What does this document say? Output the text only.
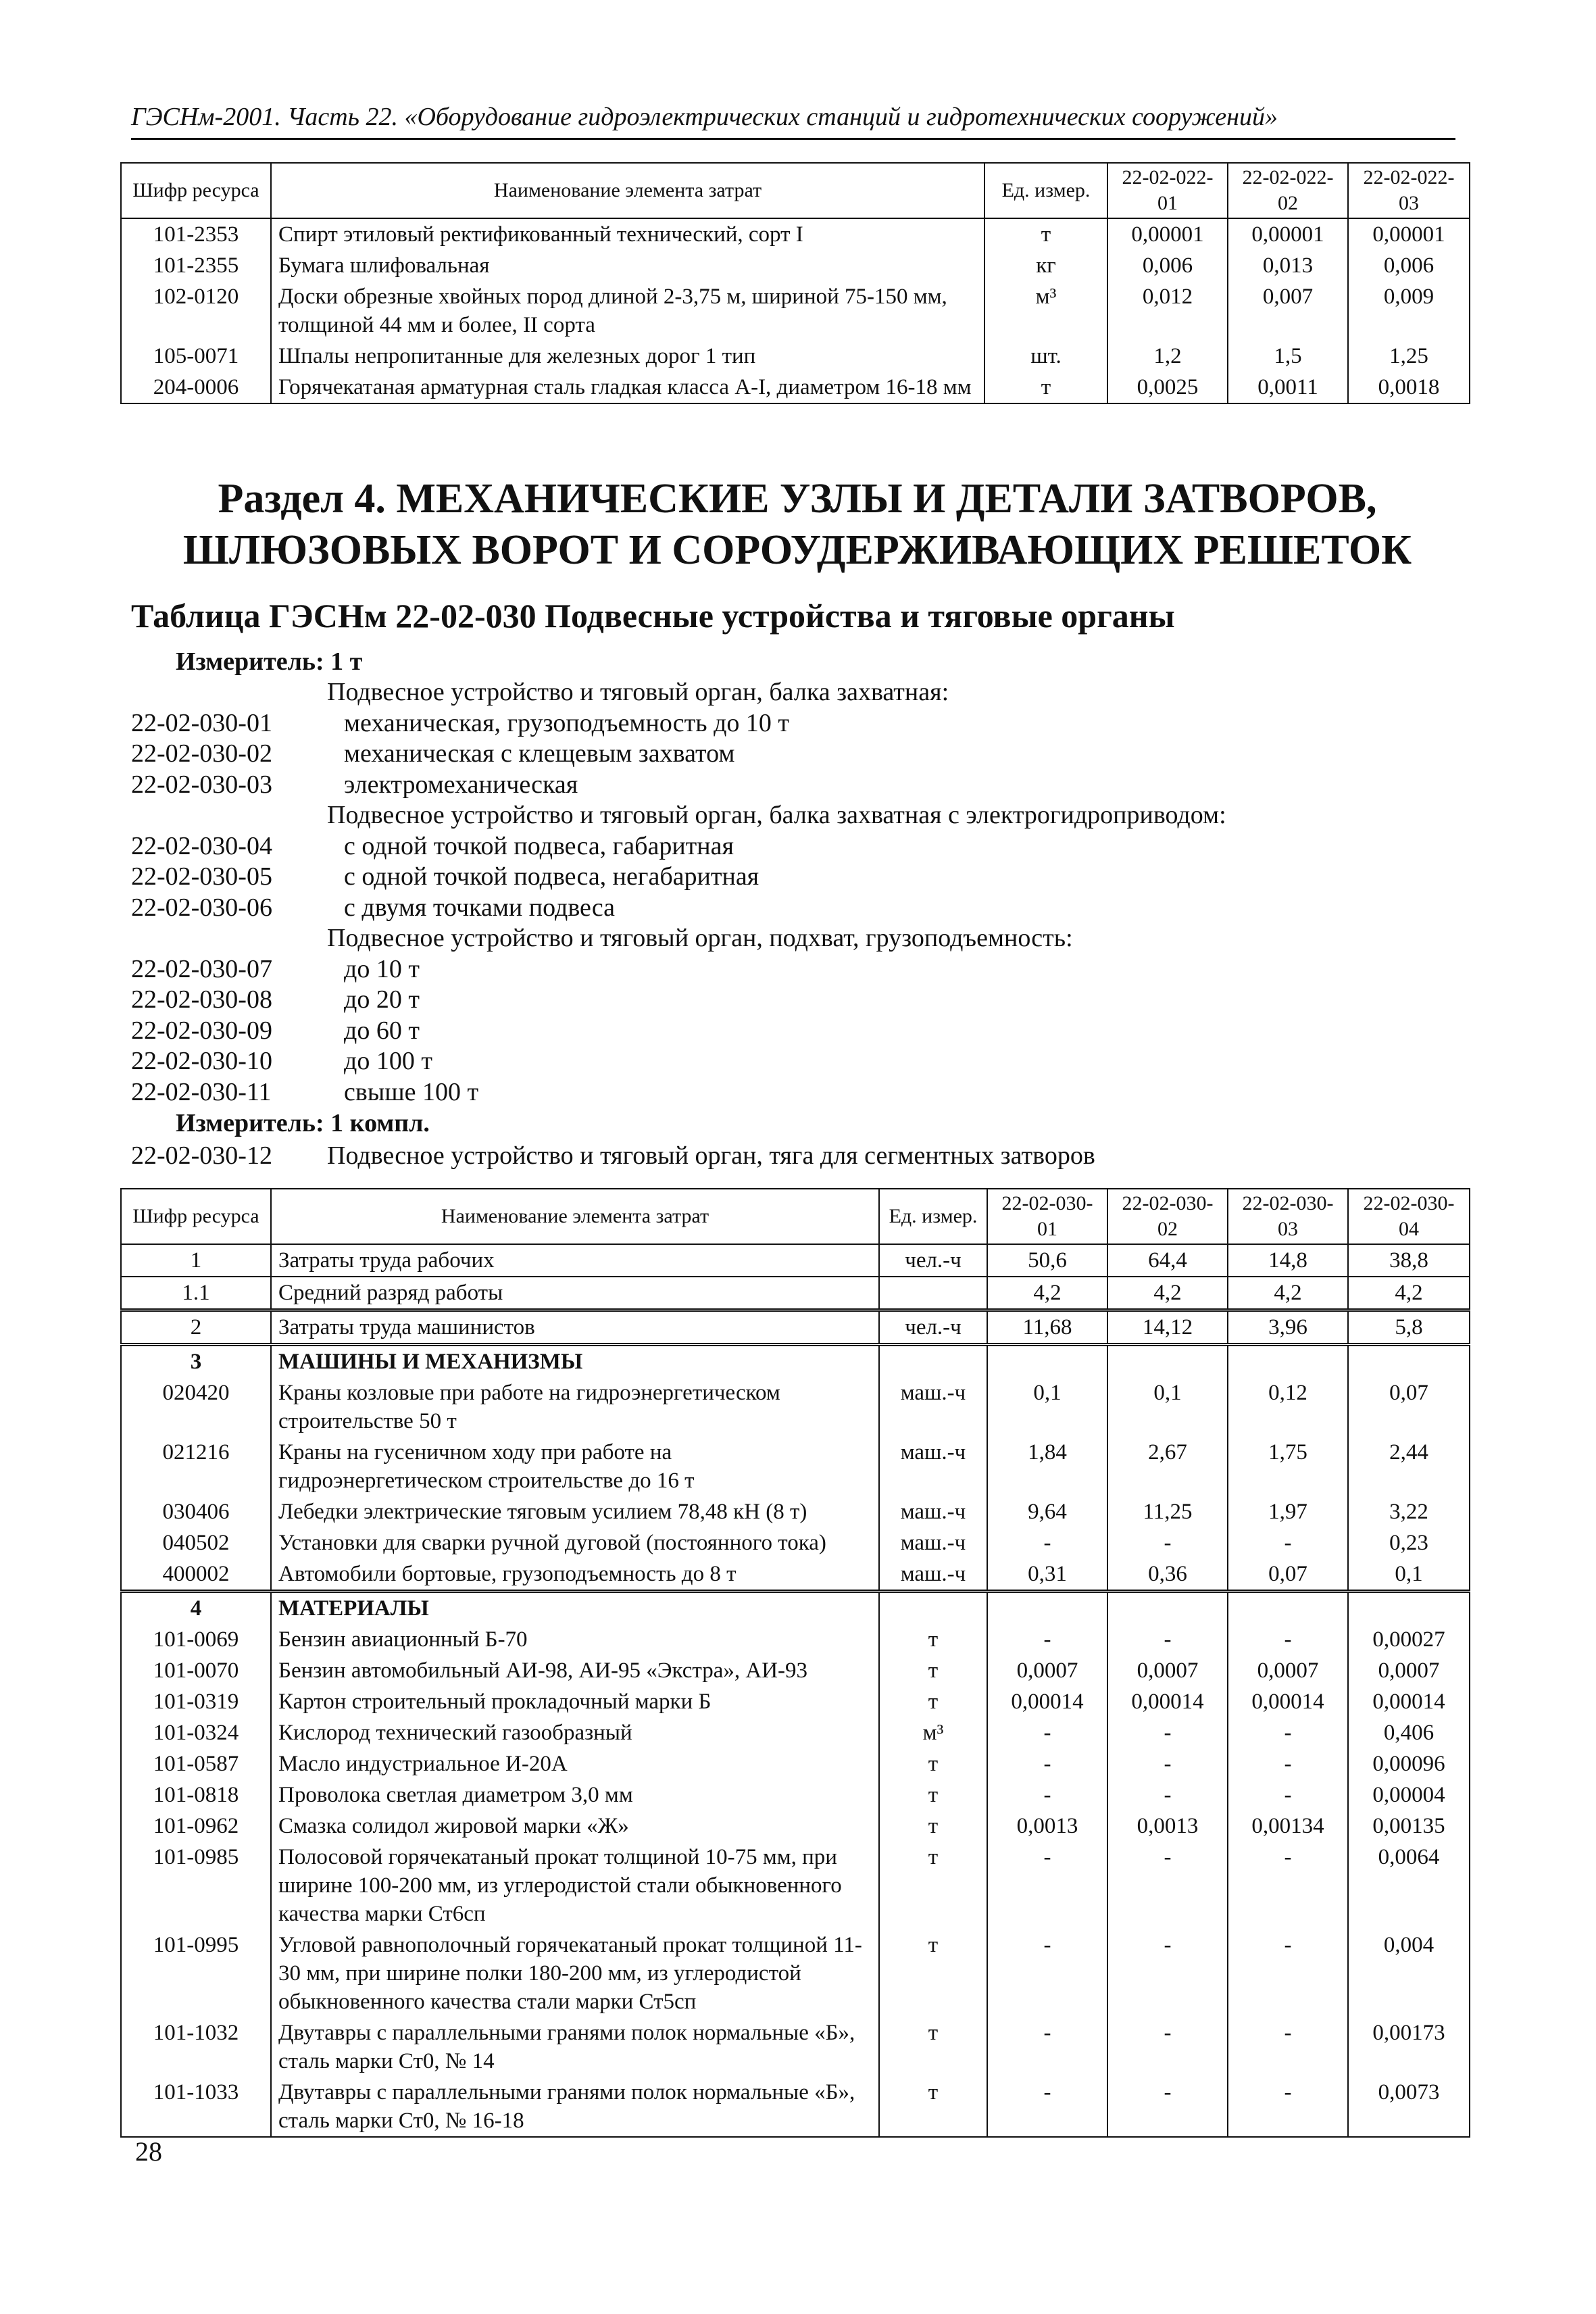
ГЭСНм-2001. Часть 22. «Оборудование гидроэлектрических станций и гидротехнических сооружений»
Шифр ресурса	Наименование элемента затрат	Ед. измер.	22-02-022-01	22-02-022-02	22-02-022-03
101-2353	Спирт этиловый ректификованный технический, сорт I	т	0,00001	0,00001	0,00001
101-2355	Бумага шлифовальная	кг	0,006	0,013	0,006
102-0120	Доски обрезные хвойных пород длиной 2-3,75 м, шириной 75-150 мм, толщиной 44 мм и более, II сорта	м³	0,012	0,007	0,009
105-0071	Шпалы непропитанные для железных дорог 1 тип	шт.	1,2	1,5	1,25
204-0006	Горячекатаная арматурная сталь гладкая класса А-I, диаметром 16-18 мм	т	0,0025	0,0011	0,0018
Раздел 4. МЕХАНИЧЕСКИЕ УЗЛЫ И ДЕТАЛИ ЗАТВОРОВ, ШЛЮЗОВЫХ ВОРОТ И СОРОУДЕРЖИВАЮЩИХ РЕШЕТОК
Таблица ГЭСНм 22-02-030 Подвесные устройства и тяговые органы
Измеритель: 1 т
Подвесное устройство и тяговый орган, балка захватная:
22-02-030-01	механическая, грузоподъемность до 10 т
22-02-030-02	механическая с клещевым захватом
22-02-030-03	электромеханическая
Подвесное устройство и тяговый орган, балка захватная с электрогидроприводом:
22-02-030-04	с одной точкой подвеса, габаритная
22-02-030-05	с одной точкой подвеса, негабаритная
22-02-030-06	с двумя точками подвеса
Подвесное устройство и тяговый орган, подхват, грузоподъемность:
22-02-030-07	до 10 т
22-02-030-08	до 20 т
22-02-030-09	до 60 т
22-02-030-10	до 100 т
22-02-030-11	свыше 100 т
Измеритель: 1 компл.
22-02-030-12	Подвесное устройство и тяговый орган, тяга для сегментных затворов
Шифр ресурса	Наименование элемента затрат	Ед. измер.	22-02-030-01	22-02-030-02	22-02-030-03	22-02-030-04
1	Затраты труда рабочих	чел.-ч	50,6	64,4	14,8	38,8
1.1	Средний разряд работы		4,2	4,2	4,2	4,2
2	Затраты труда машинистов	чел.-ч	11,68	14,12	3,96	5,8
3	МАШИНЫ И МЕХАНИЗМЫ					
020420	Краны козловые при работе на гидроэнергетическом строительстве 50 т	маш.-ч	0,1	0,1	0,12	0,07
021216	Краны на гусеничном ходу при работе на гидроэнергетическом строительстве до 16 т	маш.-ч	1,84	2,67	1,75	2,44
030406	Лебедки электрические тяговым усилием 78,48 кН (8 т)	маш.-ч	9,64	11,25	1,97	3,22
040502	Установки для сварки ручной дуговой (постоянного тока)	маш.-ч	-	-	-	0,23
400002	Автомобили бортовые, грузоподъемность до 8 т	маш.-ч	0,31	0,36	0,07	0,1
4	МАТЕРИАЛЫ					
101-0069	Бензин авиационный Б-70	т	-	-	-	0,00027
101-0070	Бензин автомобильный АИ-98, АИ-95 «Экстра», АИ-93	т	0,0007	0,0007	0,0007	0,0007
101-0319	Картон строительный прокладочный марки Б	т	0,00014	0,00014	0,00014	0,00014
101-0324	Кислород технический газообразный	м³	-	-	-	0,406
101-0587	Масло индустриальное И-20А	т	-	-	-	0,00096
101-0818	Проволока светлая диаметром 3,0 мм	т	-	-	-	0,00004
101-0962	Смазка солидол жировой марки «Ж»	т	0,0013	0,0013	0,00134	0,00135
101-0985	Полосовой горячекатаный прокат толщиной 10-75 мм, при ширине 100-200 мм, из углеродистой стали обыкновенного качества марки Ст6сп	т	-	-	-	0,0064
101-0995	Угловой равнополочный горячекатаный прокат толщиной 11-30 мм, при ширине полки 180-200 мм, из углеродистой обыкновенного качества стали марки Ст5сп	т	-	-	-	0,004
101-1032	Двутавры с параллельными гранями полок нормальные «Б», сталь марки Ст0, № 14	т	-	-	-	0,00173
101-1033	Двутавры с параллельными гранями полок нормальные «Б», сталь марки Ст0, № 16-18	т	-	-	-	0,0073
28
